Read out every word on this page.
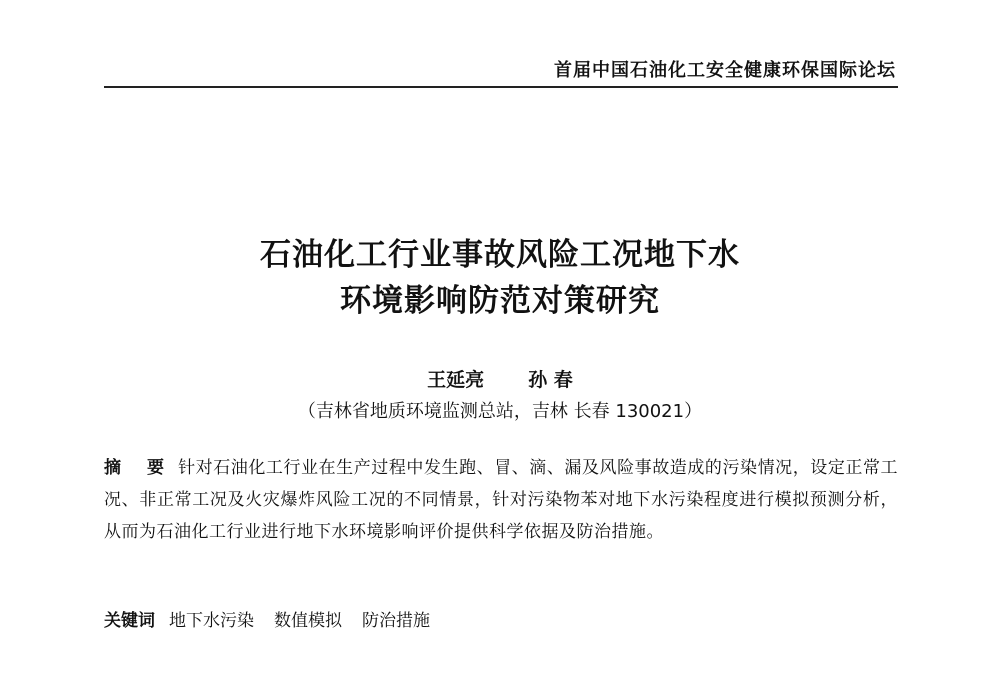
首届中国石油化工安全健康环保国际论坛
石油化工行业事故风险工况地下水
环境影响防范对策研究
王延亮 孙 春
（吉林省地质环境监测总站，吉林 长春 130021）
摘 要 针对石油化工行业在生产过程中发生跑、冒、滴、漏及风险事故造成的污染情况，设定正常工况、非正常工况及火灾爆炸风险工况的不同情景，针对污染物苯对地下水污染程度进行模拟预测分析，从而为石油化工行业进行地下水环境影响评价提供科学依据及防治措施。
关键词 地下水污染 数值模拟 防治措施
